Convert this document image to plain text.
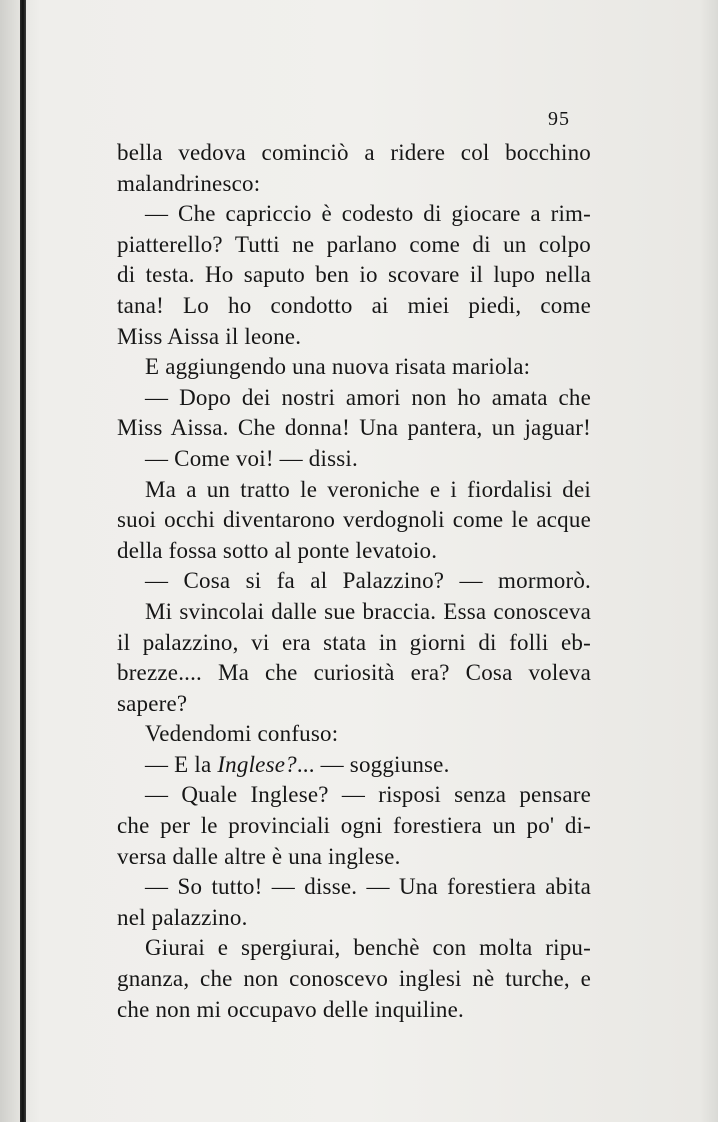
95
bella vedova cominciò a ridere col bocchino
malandrinesco:
— Che capriccio è codesto di giocare a rim-
piatterello? Tutti ne parlano come di un colpo
di testa. Ho saputo ben io scovare il lupo nella
tana! Lo ho condotto ai miei piedi, come
Miss Aissa il leone.
E aggiungendo una nuova risata mariola:
— Dopo dei nostri amori non ho amata che
Miss Aissa. Che donna! Una pantera, un jaguar!
— Come voi! — dissi.
Ma a un tratto le veroniche e i fiordalisi dei
suoi occhi diventarono verdognoli come le acque
della fossa sotto al ponte levatoio.
— Cosa si fa al Palazzino? — mormorò.
Mi svincolai dalle sue braccia. Essa conosceva
il palazzino, vi era stata in giorni di folli eb-
brezze.... Ma che curiosità era? Cosa voleva
sapere?
Vedendomi confuso:
— E la Inglese?... — soggiunse.
— Quale Inglese? — risposi senza pensare
che per le provinciali ogni forestiera un po' di-
versa dalle altre è una inglese.
— So tutto! — disse. — Una forestiera abita
nel palazzino.
Giurai e spergiurai, benchè con molta ripu-
gnanza, che non conoscevo inglesi nè turche, e
che non mi occupavo delle inquiline.
